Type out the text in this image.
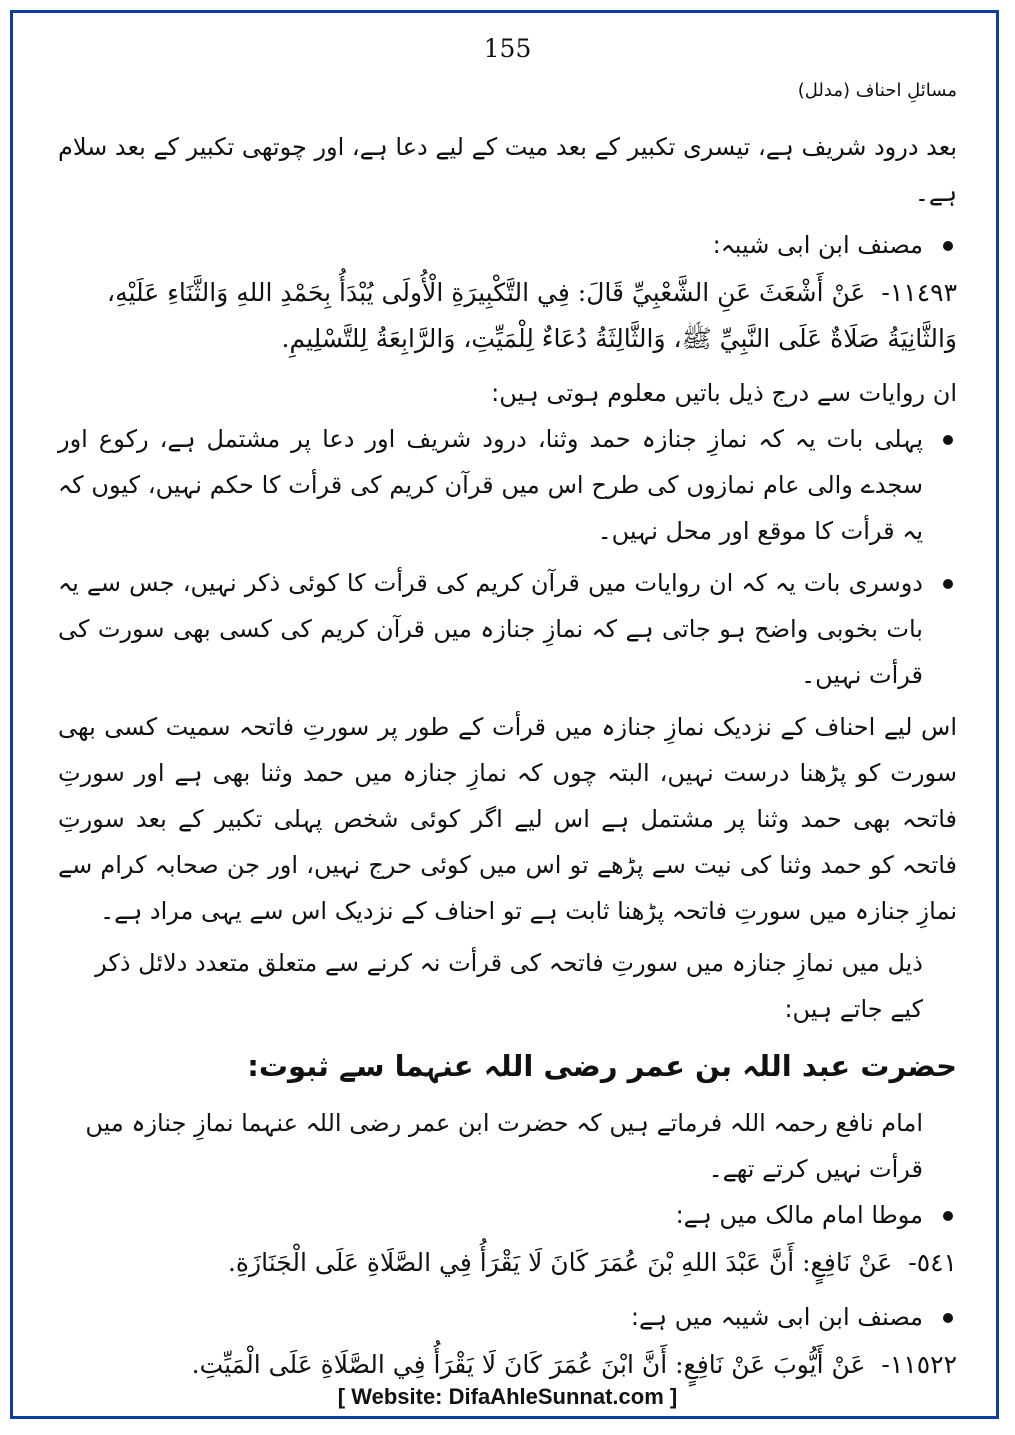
155
مسائلِ احناف (مدلل)

بعد درود شریف ہے، تیسری تکبیر کے بعد میت کے لیے دعا ہے، اور چوتھی تکبیر کے بعد سلام ہے۔

مصنف ابن ابی شیبہ:

١١٤٩٣- عَنْ أَشْعَثَ عَنِ الشَّعْبِيِّ قَالَ: فِي التَّكْبِيرَةِ الْأُولَى يُبْدَأُ بِحَمْدِ اللهِ وَالثَّنَاءِ عَلَيْهِ، وَالثَّانِيَةُ صَلَاةٌ عَلَى النَّبِيِّ ﷺ، وَالثَّالِثَةُ دُعَاءٌ لِلْمَيِّتِ، وَالرَّابِعَةُ لِلتَّسْلِيمِ.

ان روایات سے درج ذیل باتیں معلوم ہوتی ہیں:

پہلی بات یہ کہ نمازِ جنازہ حمد وثنا، درود شریف اور دعا پر مشتمل ہے، رکوع اور سجدے والی عام نمازوں کی طرح اس میں قرآن کریم کی قرأت کا حکم نہیں، کیوں کہ یہ قرأت کا موقع اور محل نہیں۔

دوسری بات یہ کہ ان روایات میں قرآن کریم کی قرأت کا کوئی ذکر نہیں، جس سے یہ بات بخوبی واضح ہو جاتی ہے کہ نمازِ جنازہ میں قرآن کریم کی کسی بھی سورت کی قرأت نہیں۔

اس لیے احناف کے نزدیک نمازِ جنازہ میں قرأت کے طور پر سورتِ فاتحہ سمیت کسی بھی سورت کو پڑھنا درست نہیں، البتہ چوں کہ نمازِ جنازہ میں حمد وثنا بھی ہے اور سورتِ فاتحہ بھی حمد وثنا پر مشتمل ہے اس لیے اگر کوئی شخص پہلی تکبیر کے بعد سورتِ فاتحہ کو حمد وثنا کی نیت سے پڑھے تو اس میں کوئی حرج نہیں، اور جن صحابہ کرام سے نمازِ جنازہ میں سورتِ فاتحہ پڑھنا ثابت ہے تو احناف کے نزدیک اس سے یہی مراد ہے۔

ذیل میں نمازِ جنازہ میں سورتِ فاتحہ کی قرأت نہ کرنے سے متعلق متعدد دلائل ذکر کیے جاتے ہیں:

حضرت عبد اللہ بن عمر رضی اللہ عنہما سے ثبوت:

امام نافع رحمہ اللہ فرماتے ہیں کہ حضرت ابن عمر رضی اللہ عنہما نمازِ جنازہ میں قرأت نہیں کرتے تھے۔

موطا امام مالک میں ہے:

٥٤١- عَنْ نَافِعٍ: أَنَّ عَبْدَ اللهِ بْنَ عُمَرَ كَانَ لَا يَقْرَأُ فِي الصَّلَاةِ عَلَى الْجَنَازَةِ.

مصنف ابن ابی شیبہ میں ہے:

١١٥٢٢- عَنْ أَيُّوبَ عَنْ نَافِعٍ: أَنَّ ابْنَ عُمَرَ كَانَ لَا يَقْرَأُ فِي الصَّلَاةِ عَلَى الْمَيِّتِ.

[ Website: DifaAhleSunnat.com ]
